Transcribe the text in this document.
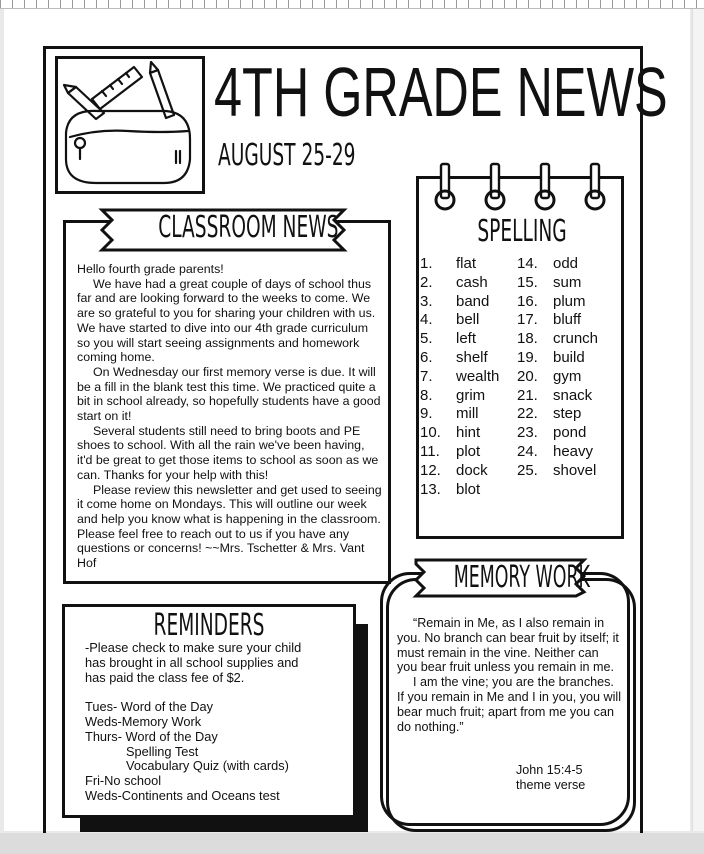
4TH GRADE NEWS
AUGUST 25-29
CLASSROOM NEWS

Hello fourth grade parents!

We have had a great couple of days of school thus far and are looking forward to the weeks to come. We are so grateful to you for sharing your children with us. We have started to dive into our 4th grade curriculum so you will start seeing assignments and homework coming home.

On Wednesday our first memory verse is due. It will be a fill in the blank test this time. We practiced quite a bit in school already, so hopefully students have a good start on it!

Several students still need to bring boots and PE shoes to school. With all the rain we've been having, it'd be great to get those items to school as soon as we can. Thanks for your help with this!

Please review this newsletter and get used to seeing it come home on Mondays. This will outline our week and help you know what is happening in the classroom. Please feel free to reach out to us if you have any questions or concerns! ~~Mrs. Tschetter & Mrs. Vant Hof

SPELLING
1.	flat
2.	cash
3.	band
4.	bell
5.	left
6.	shelf
7.	wealth
8.	grim
9.	mill
10.	hint
11.	plot
12.	dock
13.	blot
14.	odd
15.	sum
16.	plum
17.	bluff
18.	crunch
19.	build
20.	gym
21.	snack
22.	step
23.	pond
24.	heavy
25.	shovel
REMINDERS
-Please check to make sure your child
has brought in all school supplies and
has paid the class fee of $2.
Tues- Word of the Day
Weds-Memory Work
Thurs- Word of the Day
Spelling Test
Vocabulary Quiz (with cards)
Fri-No school
Weds-Continents and Oceans test
MEMORY WORK

“Remain in Me, as I also remain in you. No branch can bear fruit by itself; it must remain in the vine. Neither can you bear fruit unless you remain in me.

I am the vine; you are the branches. If you remain in Me and I in you, you will bear much fruit; apart from me you can do nothing.”

John 15:4-5
theme verse
